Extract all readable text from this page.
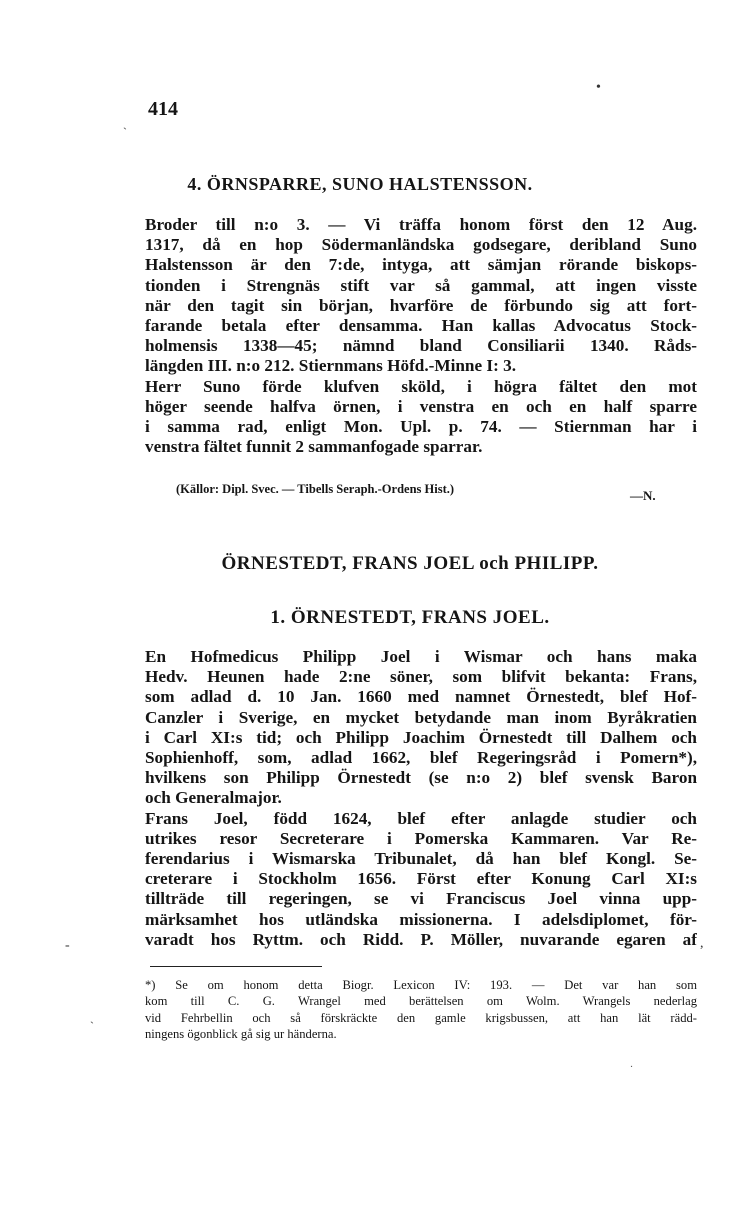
414
•
ˋ
-	,
ˑ
ˎ
4. ÖRNSPARRE, SUNO HALSTENSSON.
Broder till n:o 3. — Vi träffa honom först den 12 Aug.
1317, då en hop Södermanländska godsegare, deribland Suno
Halstensson är den 7:de, intyga, att sämjan rörande biskops-
tionden i Strengnäs stift var så gammal, att ingen visste
när den tagit sin början, hvarföre de förbundo sig att fort-
farande betala efter densamma. Han kallas Advocatus Stock-
holmensis 1338—45; nämnd bland Consiliarii 1340. Råds-
längden III. n:o 212. Stiernmans Höfd.-Minne I: 3.
Herr Suno förde klufven sköld, i högra fältet den mot
höger seende halfva örnen, i venstra en och en half sparre
i samma rad, enligt Mon. Upl. p. 74. — Stiernman har i
venstra fältet funnit 2 sammanfogade sparrar.
(Källor: Dipl. Svec. — Tibells Seraph.-Ordens Hist.)	—N.
ÖRNESTEDT, FRANS JOEL och PHILIPP.
1. ÖRNESTEDT, FRANS JOEL.
En Hofmedicus Philipp Joel i Wismar och hans maka
Hedv. Heunen hade 2:ne söner, som blifvit bekanta: Frans,
som adlad d. 10 Jan. 1660 med namnet Örnestedt, blef Hof-
Canzler i Sverige, en mycket betydande man inom Byråkratien
i Carl XI:s tid; och Philipp Joachim Örnestedt till Dalhem och
Sophienhoff, som, adlad 1662, blef Regeringsråd i Pomern*),
hvilkens son Philipp Örnestedt (se n:o 2) blef svensk Baron
och Generalmajor.
Frans Joel, född 1624, blef efter anlagde studier och
utrikes resor Secreterare i Pomerska Kammaren. Var Re-
ferendarius i Wismarska Tribunalet, då han blef Kongl. Se-
creterare i Stockholm 1656. Först efter Konung Carl XI:s
tillträde till regeringen, se vi Franciscus Joel vinna upp-
märksamhet hos utländska missionerna. I adelsdiplomet, för-
varadt hos Ryttm. och Ridd. P. Möller, nuvarande egaren af
*) Se om honom detta Biogr. Lexicon IV: 193. — Det var han som
kom till C. G. Wrangel med berättelsen om Wolm. Wrangels nederlag
vid Fehrbellin och så förskräckte den gamle krigsbussen, att han lät rädd-
ningens ögonblick gå sig ur händerna.
